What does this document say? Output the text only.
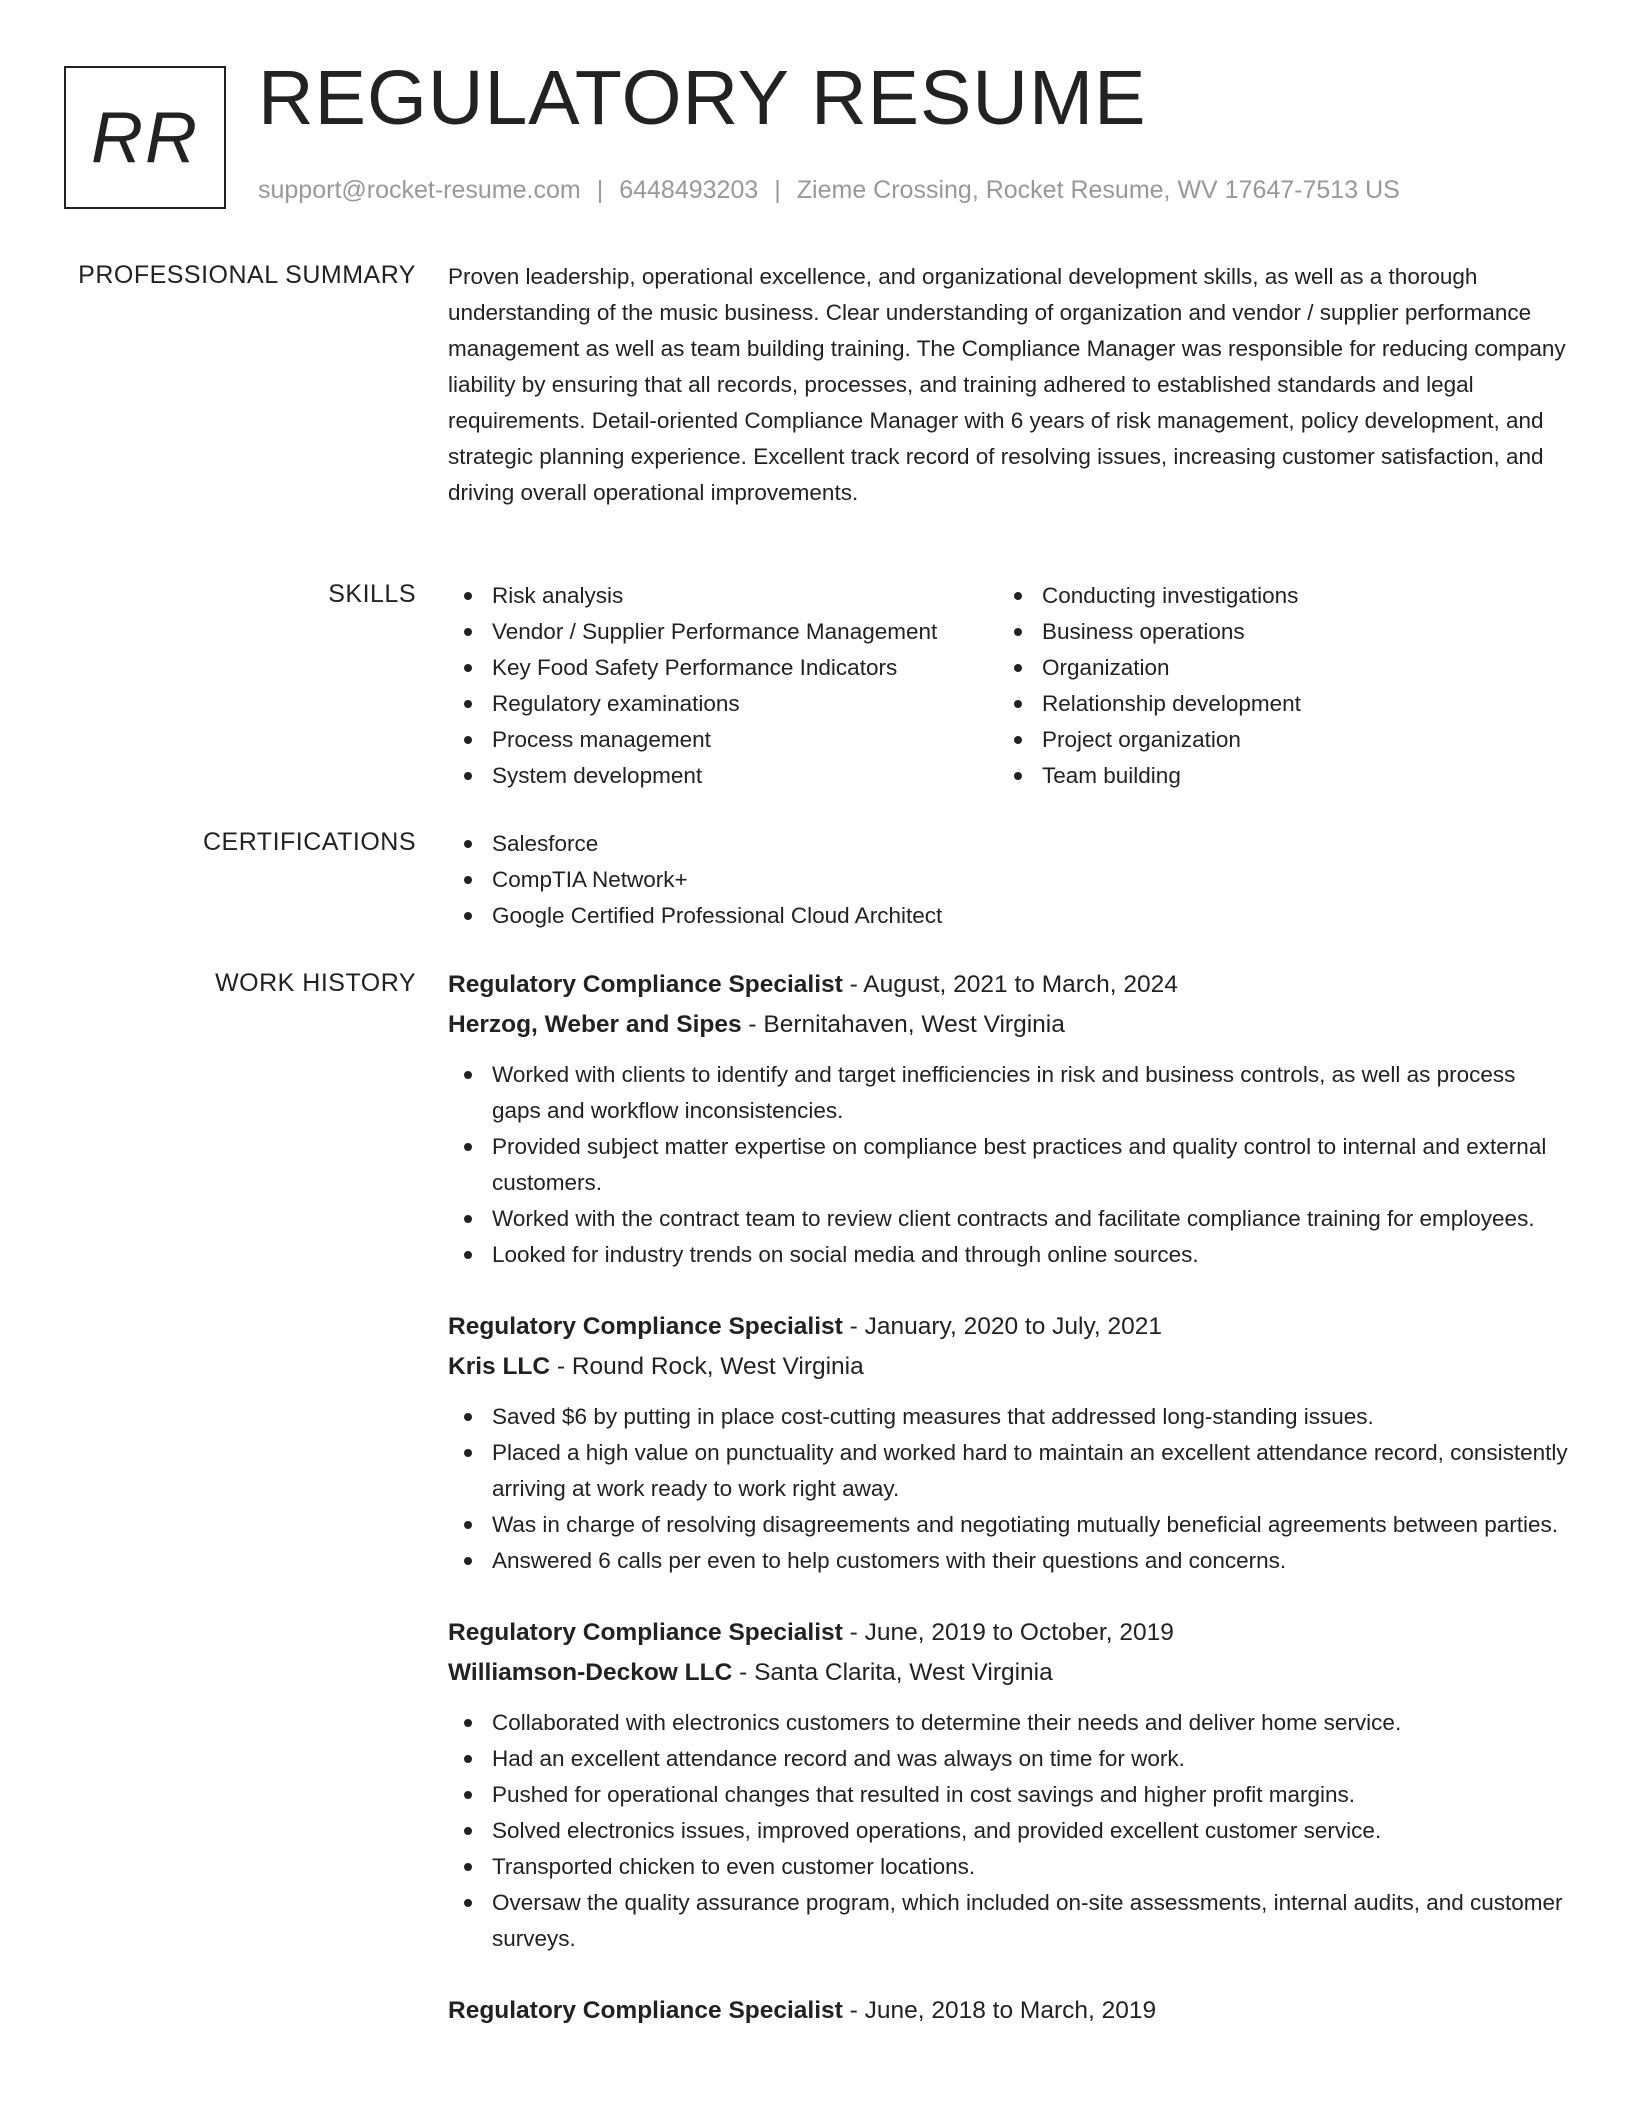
RR REGULATORY RESUME
support@rocket-resume.com | 6448493203 | Zieme Crossing, Rocket Resume, WV 17647-7513 US
PROFESSIONAL SUMMARY Proven leadership, operational excellence, and organizational development skills, as well as a thorough understanding of the music business. Clear understanding of organization and vendor / supplier performance management as well as team building training. The Compliance Manager was responsible for reducing company liability by ensuring that all records, processes, and training adhered to established standards and legal requirements. Detail-oriented Compliance Manager with 6 years of risk management, policy development, and strategic planning experience. Excellent track record of resolving issues, increasing customer satisfaction, and driving overall operational improvements.
SKILLS	Risk analysis
Vendor / Supplier Performance Management
Key Food Safety Performance Indicators
Regulatory examinations
Process management
System development
Conducting investigations
Business operations
Organization
Relationship development
Project organization
Team building
CERTIFICATIONS	Salesforce
CompTIA Network+
Google Certified Professional Cloud Architect
WORK HISTORY Regulatory Compliance Specialist - August, 2021 to March, 2024
Herzog, Weber and Sipes - Bernitahaven, West Virginia
Worked with clients to identify and target inefficiencies in risk and business controls, as well as process gaps and workflow inconsistencies.
Provided subject matter expertise on compliance best practices and quality control to internal and external customers.
Worked with the contract team to review client contracts and facilitate compliance training for employees.
Looked for industry trends on social media and through online sources.
Regulatory Compliance Specialist - January, 2020 to July, 2021
Kris LLC - Round Rock, West Virginia
Saved $6 by putting in place cost-cutting measures that addressed long-standing issues.
Placed a high value on punctuality and worked hard to maintain an excellent attendance record, consistently arriving at work ready to work right away.
Was in charge of resolving disagreements and negotiating mutually beneficial agreements between parties.
Answered 6 calls per even to help customers with their questions and concerns.
Regulatory Compliance Specialist - June, 2019 to October, 2019
Williamson-Deckow LLC - Santa Clarita, West Virginia
Collaborated with electronics customers to determine their needs and deliver home service.
Had an excellent attendance record and was always on time for work.
Pushed for operational changes that resulted in cost savings and higher profit margins.
Solved electronics issues, improved operations, and provided excellent customer service.
Transported chicken to even customer locations.
Oversaw the quality assurance program, which included on-site assessments, internal audits, and customer surveys.
Regulatory Compliance Specialist - June, 2018 to March, 2019
